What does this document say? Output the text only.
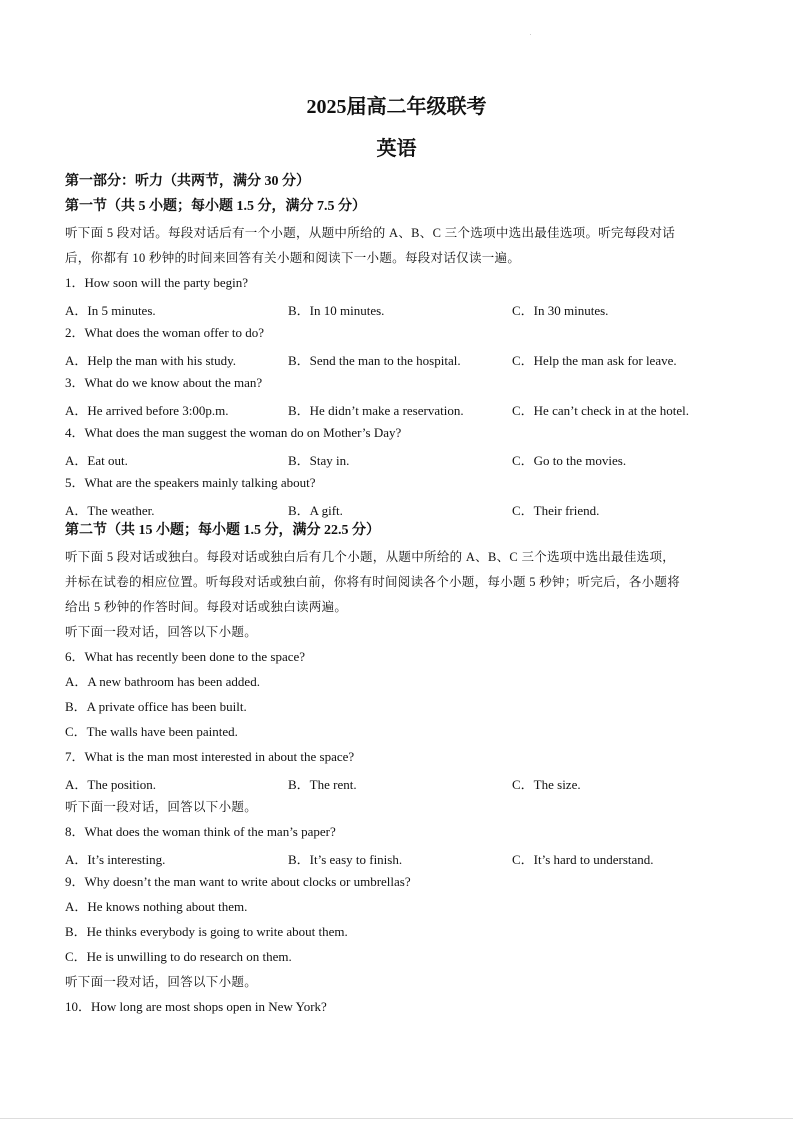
2025届高二年级联考
英语
第一部分：听力（共两节，满分 30 分）
第一节（共 5 小题；每小题 1.5 分，满分 7.5 分）
听下面 5 段对话。每段对话后有一个小题，从题中所给的 A、B、C 三个选项中选出最佳选项。听完每段对话
后，你都有 10 秒钟的时间来回答有关小题和阅读下一小题。每段对话仅读一遍。
1．How soon will the party begin?
A．In 5 minutes.	B．In 10 minutes.	C．In 30 minutes.
2．What does the woman offer to do?
A．Help the man with his study.	B．Send the man to the hospital.	C．Help the man ask for leave.
3．What do we know about the man?
A．He arrived before 3:00p.m.	B．He didn’t make a reservation.	C．He can’t check in at the hotel.
4．What does the man suggest the woman do on Mother’s Day?
A．Eat out.	B．Stay in.	C．Go to the movies.
5．What are the speakers mainly talking about?
A．The weather.	B．A gift.	C．Their friend.
第二节（共 15 小题；每小题 1.5 分，满分 22.5 分）
听下面 5 段对话或独白。每段对话或独白后有几个小题，从题中所给的 A、B、C 三个选项中选出最佳选项，
并标在试卷的相应位置。听每段对话或独白前，你将有时间阅读各个小题，每小题 5 秒钟；听完后，各小题将
给出 5 秒钟的作答时间。每段对话或独白读两遍。
听下面一段对话，回答以下小题。
6．What has recently been done to the space?
A．A new bathroom has been added.
B．A private office has been built.
C．The walls have been painted.
7．What is the man most interested in about the space?
A．The position.	B．The rent.	C．The size.
听下面一段对话，回答以下小题。
8．What does the woman think of the man’s paper?
A．It’s interesting.	B．It’s easy to finish.	C．It’s hard to understand.
9．Why doesn’t the man want to write about clocks or umbrellas?
A．He knows nothing about them.
B．He thinks everybody is going to write about them.
C．He is unwilling to do research on them.
听下面一段对话，回答以下小题。
10．How long are most shops open in New York?
